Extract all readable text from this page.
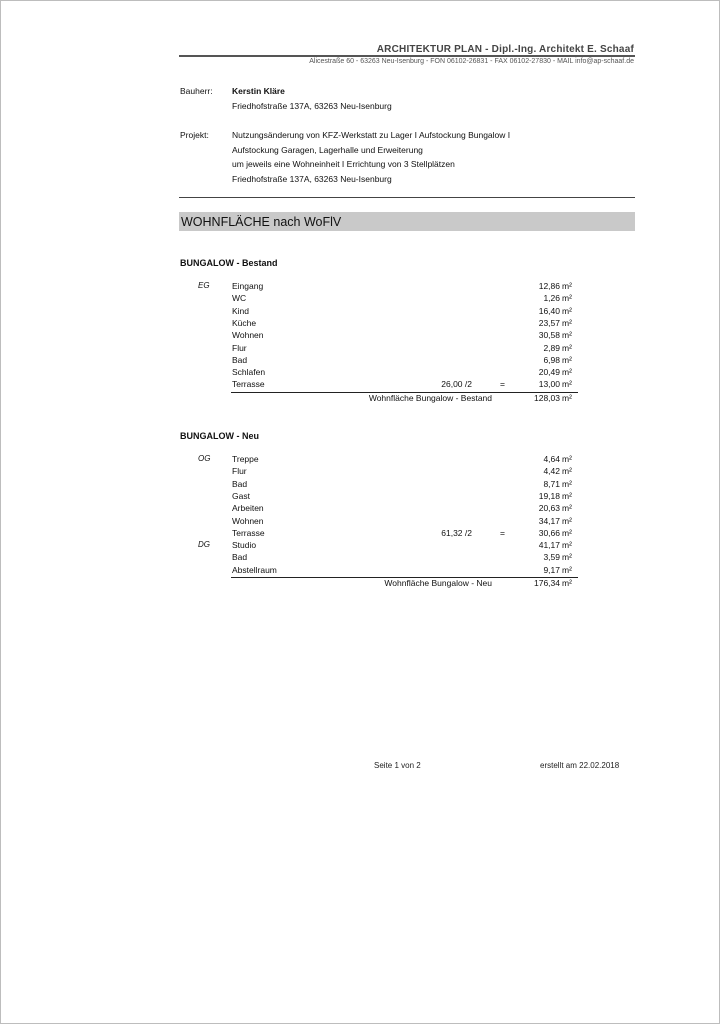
ARCHITEKTUR PLAN - Dipl.-Ing. Architekt E. Schaaf
Alicestraße 60 - 63263 Neu-Isenburg - FON 06102-26831 - FAX 06102-27830 - MAIL info@ap-schaaf.de
Bauherr: Kerstin Kläre
Friedhofstraße 137A, 63263 Neu-Isenburg
Projekt:	Nutzungsänderung von KFZ-Werkstatt zu Lager I Aufstockung Bungalow I
Aufstockung Garagen, Lagerhalle und Erweiterung
um jeweils eine Wohneinheit I Errichtung von 3 Stellplätzen
Friedhofstraße 137A, 63263 Neu-Isenburg
WOHNFLÄCHE nach WoFlV
BUNGALOW - Bestand
EG	Eingang	12,86 m²
WC	1,26 m²
Kind	16,40 m²
Küche	23,57 m²
Wohnen	30,58 m²
Flur	2,89 m²
Bad	6,98 m²
Schlafen	20,49 m²
Terrasse	26,00 /2	=	13,00 m²
Wohnfläche Bungalow - Bestand	128,03 m²
BUNGALOW - Neu
OG	Treppe	4,64 m²
Flur	4,42 m²
Bad	8,71 m²
Gast	19,18 m²
Arbeiten	20,63 m²
Wohnen	34,17 m²
Terrasse	61,32 /2	=	30,66 m²
DG	Studio	41,17 m²
Bad	3,59 m²
Abstellraum	9,17 m²
Wohnfläche Bungalow - Neu	176,34 m²
Seite 1 von 2	erstellt am 22.02.2018
